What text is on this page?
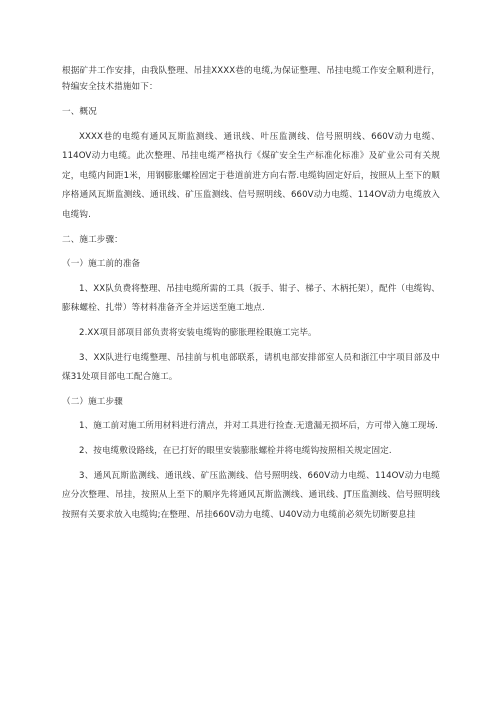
根据矿井工作安排，由我队整理、吊挂XXXX巷的电缆,为保证整理、吊挂电缆工作安全顺利进行，特编安全技术措施如下：

一、概况

XXXX巷的电缆有通风瓦斯监测线、通讯线、叶压监测线、信号照明线、660V动力电缆、114OV动力电缆。此次整理、吊挂电缆严格执行《煤矿安全生产标准化标准》及矿业公司有关规定，电缆内间距1米，用钢膨胀螺栓固定于巷道前进方向右帮.电缆钩固定好后，按照从上至下的顺序格通风瓦斯监测线、通讯线、矿压监测线、信号照明线、660V动力电缆、114OV动力电缆放入电缆钩.

二、施工步骤：

（一）施工前的准备

1、XX队负费将整理、吊挂电缆所需的工具（扳手、钳子、梯子、木柄托架），配件（电缆钩、膨秣螺栓、扎带）等材料准备齐全并运送至施工地点.

2.XX项目部项目部负责将安装电缆钩的膨胀理栓眼施工完毕。

3、XX队进行电缆整理、吊挂前与机电部联系，请机电部安排部室人员和浙江中宇项目部及中煤31处项目部电工配合施工。

（二）施工步骤

1、施工前对施工所用材料进行清点，并对工具进行捡查.无遗漏无损坏后，方可带入施工现场.

2、按电缆敷设路线，在已打好的眼里安装膨胀螺栓并将电缆钩按照相关规定固定.

3、通风瓦斯监测线、通讯线、矿压监测线、信号照明线、660V动力电缆、114OV动力电缆应分次整理、吊挂，按照从上至下的顺序先将通风瓦斯监测线、通讯线、JT压监测线、信号照明线按照有关要求放入电缆钩;在整理、吊挂660V动力电缆、U40V动力电缆前必须先切断要息挂
